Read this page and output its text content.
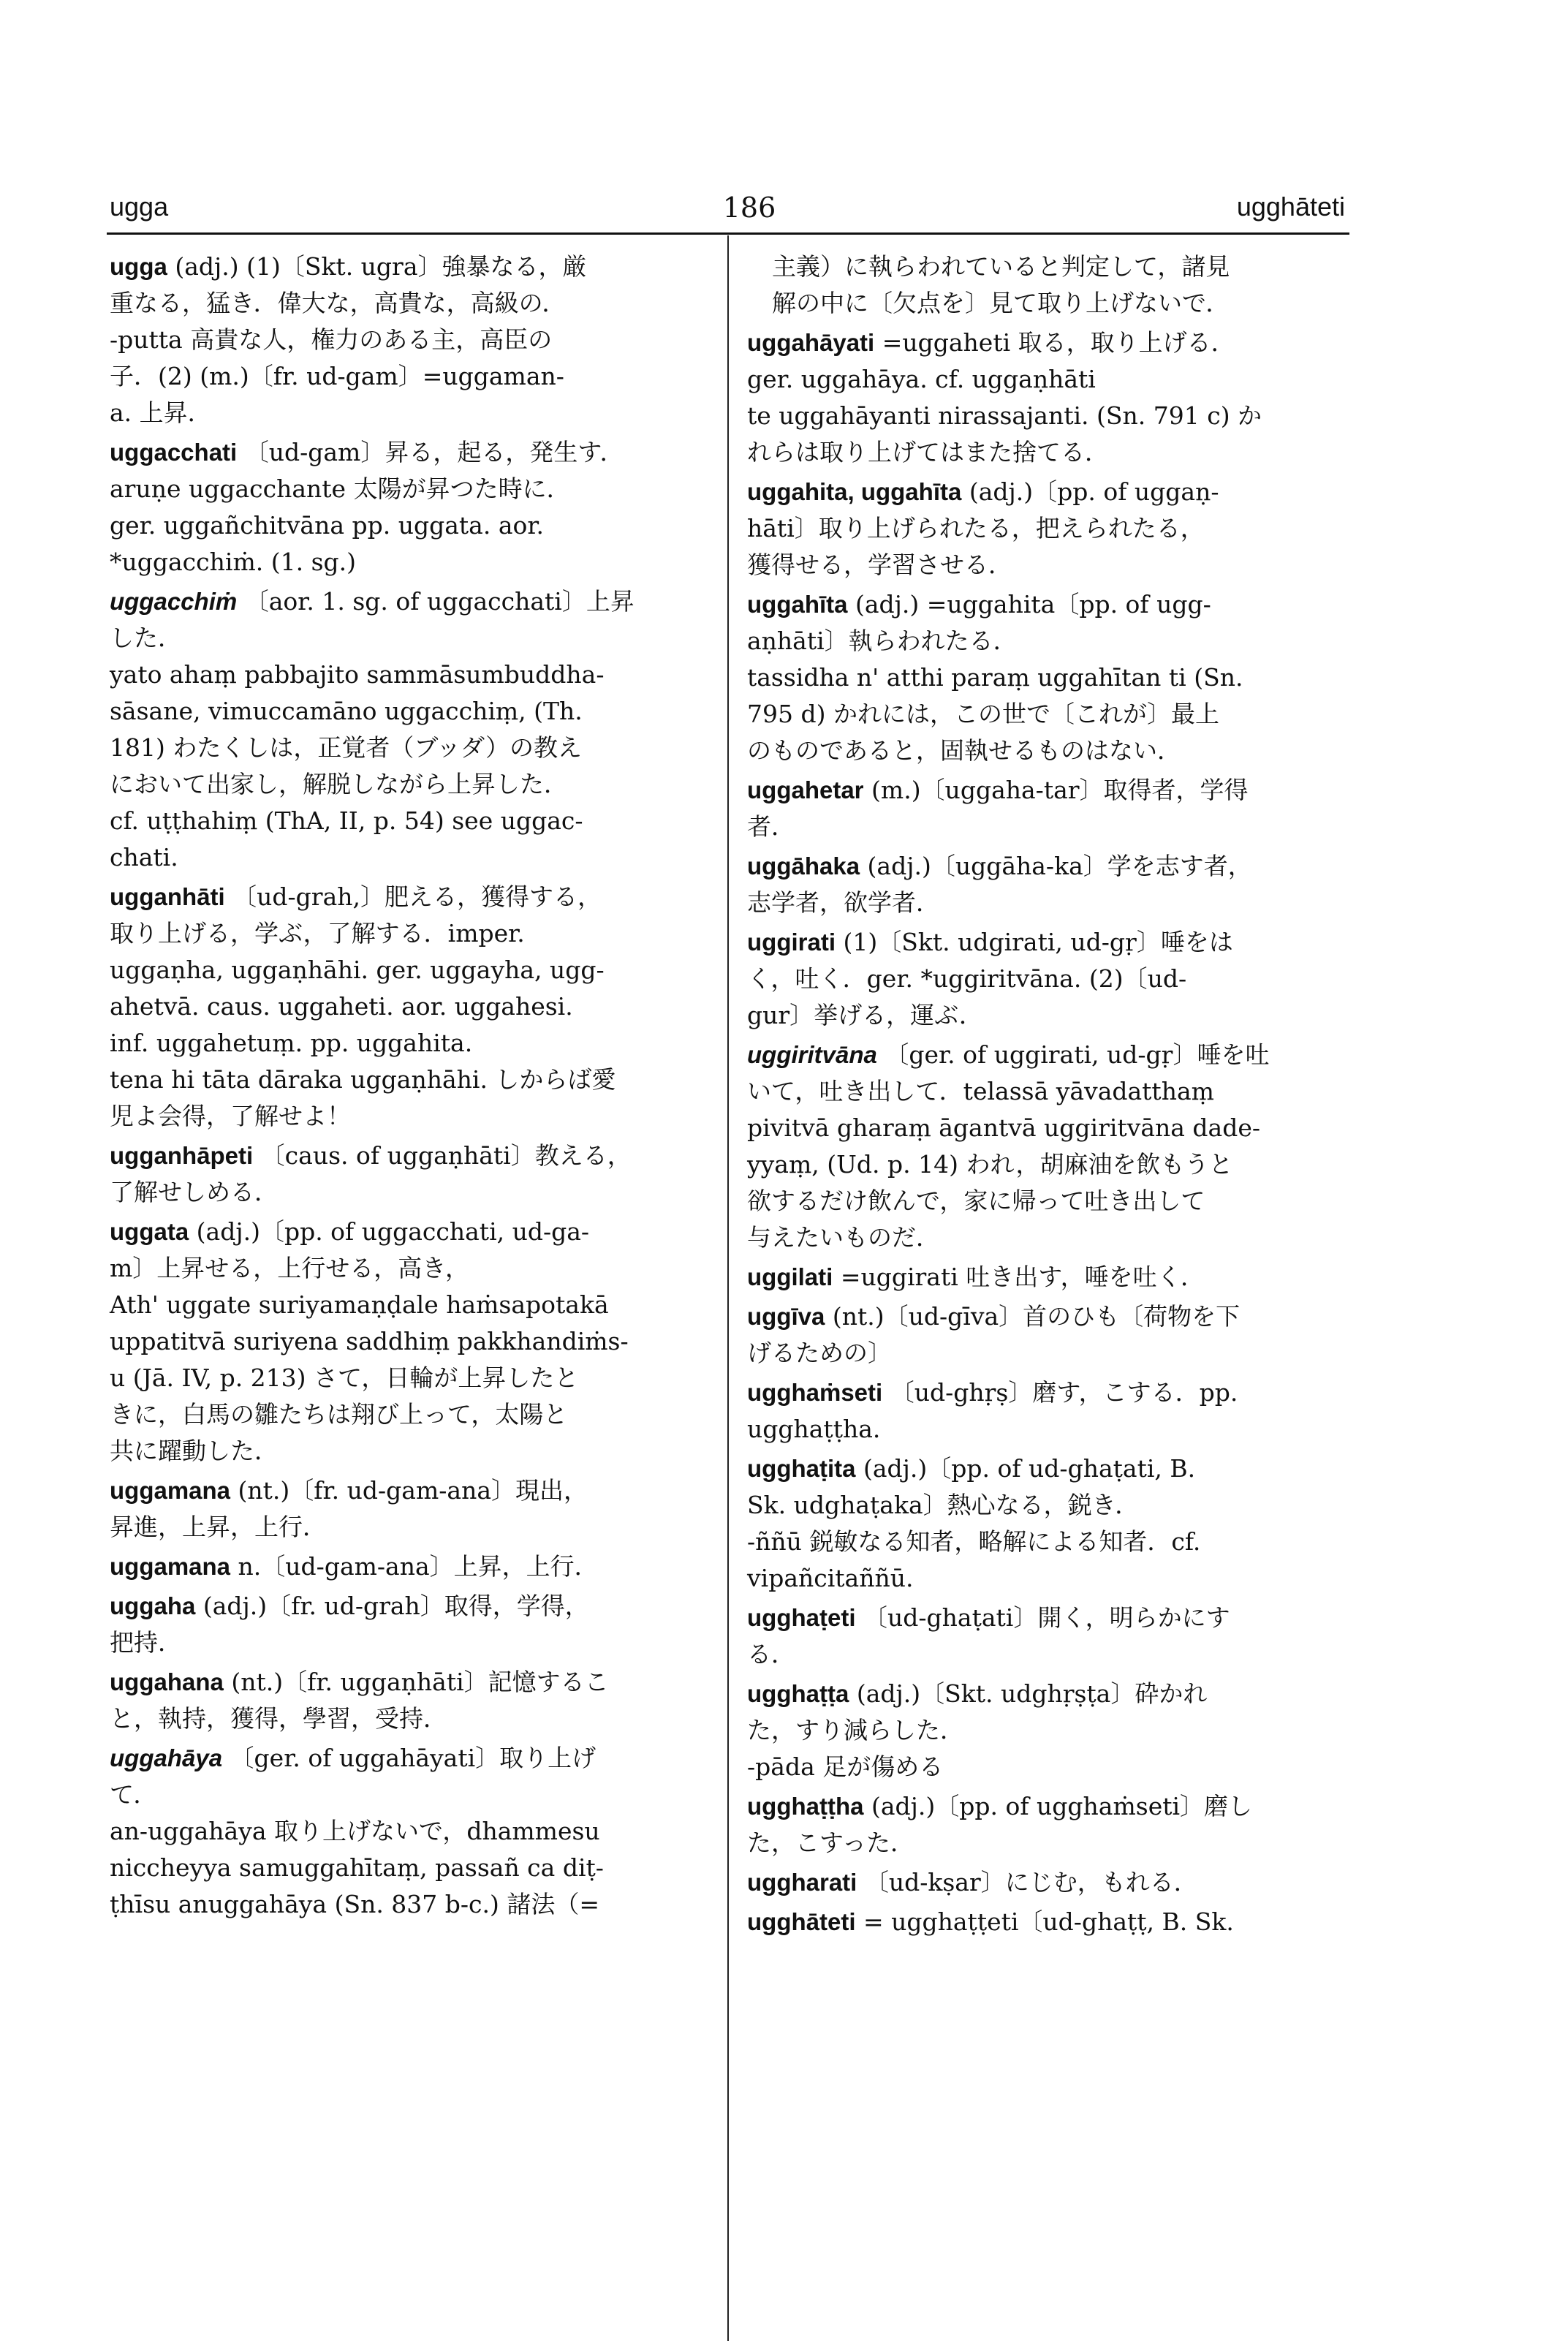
ugga	186	ugghāteti
ugga (adj.) (1)〔Skt. ugra〕強暴なる，厳
重なる，猛き．偉大な，高貴な，高級の．
-putta 高貴な人，権力のある主，高臣の
子．(2) (m.)〔fr. ud-gam〕=uggaman-
a. 上昇．
uggacchati 〔ud-gam〕昇る，起る，発生す．
aruṇe uggacchante 太陽が昇つた時に．
ger. uggañchitvāna pp. uggata. aor.
*uggacchiṁ. (1. sg.)
uggacchiṁ 〔aor. 1. sg. of uggacchati〕上昇
した．
yato ahaṃ pabbajito sammāsumbuddha-
sāsane, vimuccamāno uggacchiṃ, (Th.
181) わたくしは，正覚者（ブッダ）の教え
において出家し，解脱しながら上昇した．
cf. uṭṭhahiṃ (ThA, II, p. 54) see uggac-
chati.
ugganhāti 〔ud-grah,〕肥える，獲得する，
取り上げる，学ぶ，了解する．imper.
uggaṇha, uggaṇhāhi. ger. uggayha, ugg-
ahetvā. caus. uggaheti. aor. uggahesi.
inf. uggahetuṃ. pp. uggahita.
tena hi tāta dāraka uggaṇhāhi. しからば愛
児よ会得，了解せよ！
ugganhāpeti 〔caus. of uggaṇhāti〕教える，
了解せしめる．
uggata (adj.)〔pp. of uggacchati, ud-ga-
m〕上昇せる，上行せる，高き，
Ath' uggate suriyamaṇḍale haṁsapotakā
uppatitvā suriyena saddhiṃ pakkhandiṁs-
u (Jā. IV, p. 213) さて，日輪が上昇したと
きに，白馬の雛たちは翔び上って，太陽と
共に躍動した．
uggamana (nt.)〔fr. ud-gam-ana〕現出，
昇進，上昇，上行．
uggamana n.〔ud-gam-ana〕上昇，上行．
uggaha (adj.)〔fr. ud-grah〕取得，学得，
把持．
uggahana (nt.)〔fr. uggaṇhāti〕記憶するこ
と，執持，獲得，學習，受持．
uggahāya 〔ger. of uggahāyati〕取り上げ
て．
an-uggahāya 取り上げないで，dhammesu
niccheyya samuggahītaṃ, passañ ca diṭ-
ṭhīsu anuggahāya (Sn. 837 b-c.) 諸法（=
主義）に執らわれていると判定して，諸見
解の中に〔欠点を〕見て取り上げないで．
uggahāyati =uggaheti 取る，取り上げる．
ger. uggahāya. cf. uggaṇhāti
te uggahāyanti nirassajanti. (Sn. 791 c) か
れらは取り上げてはまた捨てる．
uggahita, uggahīta (adj.)〔pp. of uggaṇ-
hāti〕取り上げられたる，把えられたる，
獲得せる，学習させる．
uggahīta (adj.) =uggahita〔pp. of ugg-
aṇhāti〕執らわれたる．
tassidha n' atthi paraṃ uggahītan ti (Sn.
795 d) かれには，この世で〔これが〕最上
のものであると，固執せるものはない．
uggahetar (m.)〔uggaha-tar〕取得者，学得
者．
uggāhaka (adj.)〔uggāha-ka〕学を志す者，
志学者，欲学者．
uggirati (1)〔Skt. udgirati, ud-gṛ〕唾をは
く，吐く．ger. *uggiritvāna. (2)〔ud-
gur〕挙げる，運ぶ．
uggiritvāna 〔ger. of uggirati, ud-gṛ〕唾を吐
いて，吐き出して．telassā yāvadatthaṃ
pivitvā gharaṃ āgantvā uggiritvāna dade-
yyaṃ, (Ud. p. 14) われ，胡麻油を飲もうと
欲するだけ飲んで，家に帰って吐き出して
与えたいものだ．
uggilati =uggirati 吐き出す，唾を吐く．
uggīva (nt.)〔ud-gīva〕首のひも〔荷物を下
げるための〕
ugghaṁseti 〔ud-ghṛṣ〕磨す，こする．pp.
ugghaṭṭha.
ugghaṭita (adj.)〔pp. of ud-ghaṭati, B.
Sk. udghaṭaka〕熱心なる，鋭き．
-ññū 鋭敏なる知者，略解による知者．cf.
vipañcitaññū.
ugghaṭeti 〔ud-ghaṭati〕開く，明らかにす
る．
ugghaṭṭa (adj.)〔Skt. udghṛṣṭa〕砕かれ
た，すり減らした．
-pāda 足が傷める
ugghaṭṭha (adj.)〔pp. of ugghaṁseti〕磨し
た，こすった．
uggharati 〔ud-kṣar〕にじむ，もれる．
ugghāteti = ugghaṭṭeti〔ud-ghaṭṭ, B. Sk.
